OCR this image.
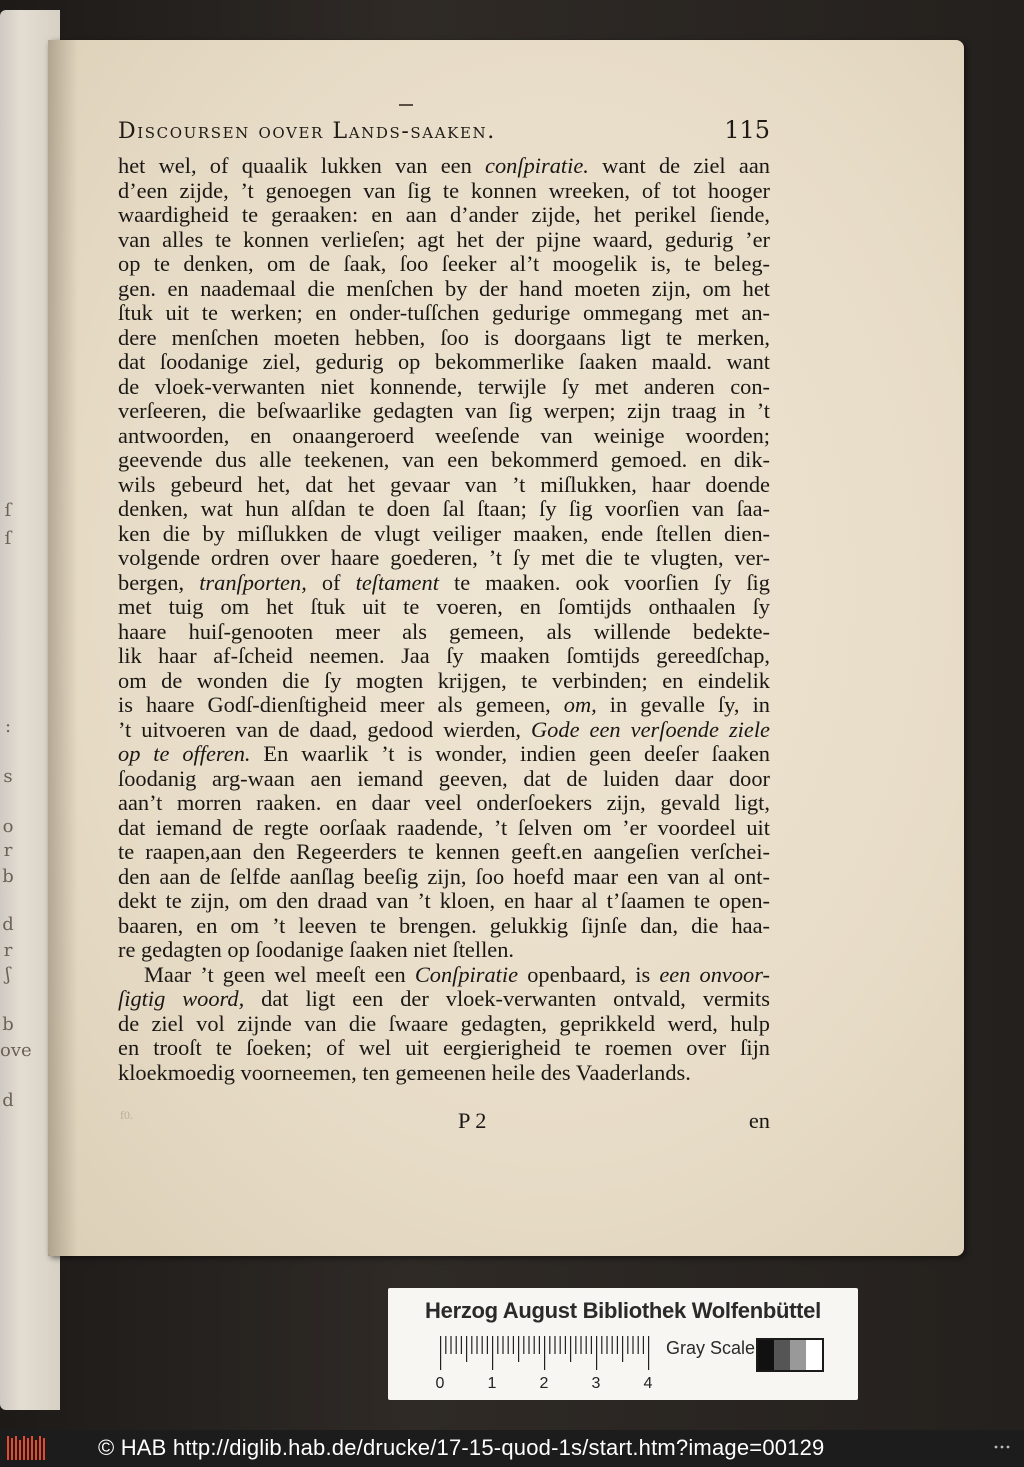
ſ
ſ
:
s
o
r
b
d
r
ʃ
b
ove
d
Discoursen oover Lands-saaken.	115
het wel, of quaalik lukken van een conſpiratie. want de ziel aan
d’een zijde, ’t genoegen van ſig te konnen wreeken, of tot hooger
waardigheid te geraaken: en aan d’ander zijde, het perikel ſiende,
van alles te konnen verlieſen; agt het der pijne waard, gedurig ’er
op te denken, om de ſaak, ſoo ſeeker al’t moogelik is, te beleg-
gen. en naademaal die menſchen by der hand moeten zijn, om het
ſtuk uit te werken; en onder-tuſſchen gedurige ommegang met an-
dere menſchen moeten hebben, ſoo is doorgaans ligt te merken,
dat ſoodanige ziel, gedurig op bekommerlike ſaaken maald. want
de vloek-verwanten niet konnende, terwijle ſy met anderen con-
verſeeren, die beſwaarlike gedagten van ſig werpen; zijn traag in ’t
antwoorden, en onaangeroerd weeſende van weinige woorden;
geevende dus alle teekenen, van een bekommerd gemoed. en dik-
wils gebeurd het, dat het gevaar van ’t miſlukken, haar doende
denken, wat hun alſdan te doen ſal ſtaan; ſy ſig voorſien van ſaa-
ken die by miſlukken de vlugt veiliger maaken, ende ſtellen dien-
volgende ordren over haare goederen, ’t ſy met die te vlugten, ver-
bergen, tranſporten, of teſtament te maaken. ook voorſien ſy ſig
met tuig om het ſtuk uit te voeren, en ſomtijds onthaalen ſy
haare huiſ-genooten meer als gemeen, als willende bedekte-
lik haar af-ſcheid neemen. Jaa ſy maaken ſomtijds gereedſchap,
om de wonden die ſy mogten krijgen, te verbinden; en eindelik
is haare Godſ-dienſtigheid meer als gemeen, om, in gevalle ſy, in
’t uitvoeren van de daad, gedood wierden, Gode een verſoende ziele
op te offeren. En waarlik ’t is wonder, indien geen deeſer ſaaken
ſoodanig arg-waan aen iemand geeven, dat de luiden daar door
aan’t morren raaken. en daar veel onderſoekers zijn, gevald ligt,
dat iemand de regte oorſaak raadende, ’t ſelven om ’er voordeel uit
te raapen,aan den Regeerders te kennen geeft.en aangeſien verſchei-
den aan de ſelfde aanſlag beeſig zijn, ſoo hoefd maar een van al ont-
dekt te zijn, om den draad van ’t kloen, en haar al t’ſaamen te open-
baaren, en om ’t leeven te brengen. gelukkig ſijnſe dan, die haa-
re gedagten op ſoodanige ſaaken niet ſtellen.
Maar ’t geen wel meeſt een Conſpiratie openbaard, is een onvoor-
ſigtig woord, dat ligt een der vloek-verwanten ontvald, vermits
de ziel vol zijnde van die ſwaare gedagten, geprikkeld werd, hulp
en trooſt te ſoeken; of wel uit eergierigheid te roemen over ſijn
kloekmoedig voorneemen, ten gemeenen heile des Vaaderlands.
f0.	P 2	en
Herzog August Bibliothek Wolfenbüttel
0	1	2	3	4
Gray Scale
© HAB http://diglib.hab.de/drucke/17-15-quod-1s/start.htm?image=00129
